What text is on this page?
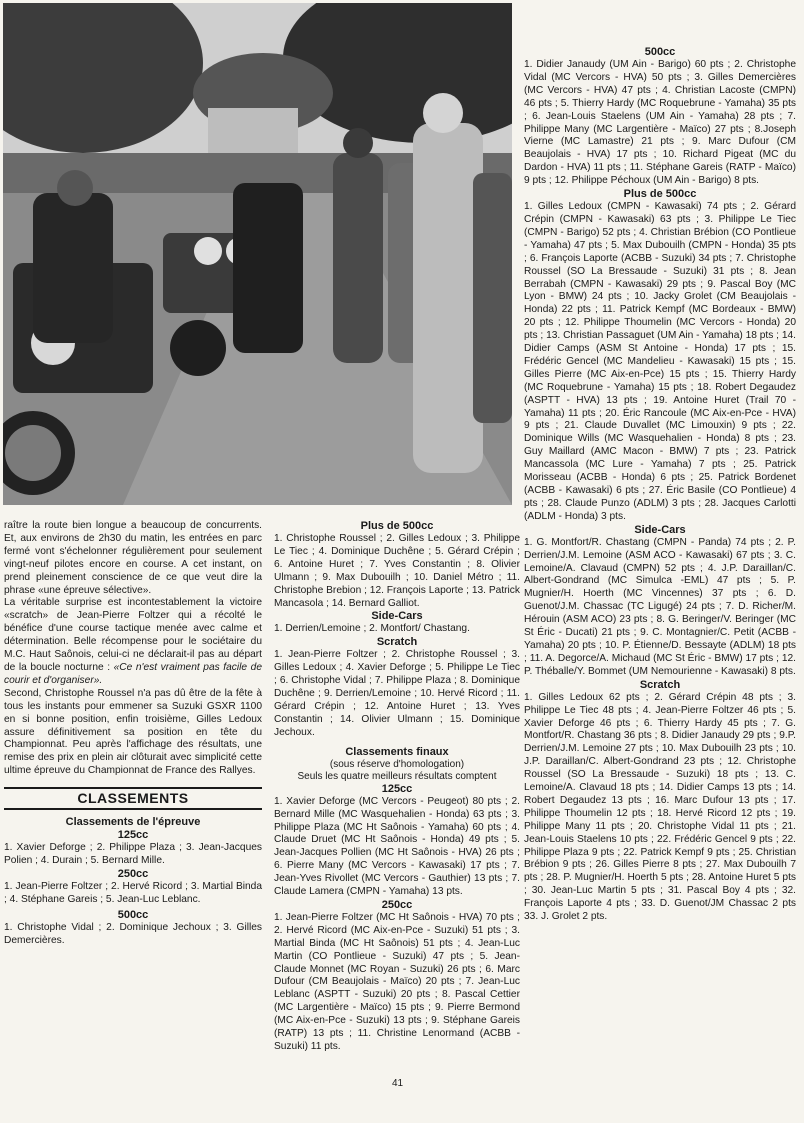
raître la route bien longue a beaucoup de concurrents. Et, aux environs de 2h30 du matin, les entrées en parc fermé vont s'échelonner régulièrement pour seulement vingt-neuf pilotes encore en course. A cet instant, on prend pleinement conscience de ce que veut dire la phrase «une épreuve sélective».

La véritable surprise est incontestablement la victoire «scratch» de Jean-Pierre Foltzer qui a récolté le bénéfice d'une course tactique menée avec calme et détermination. Belle récompense pour le sociétaire du M.C. Haut Saônois, celui-ci ne déclarait-il pas au départ de la boucle nocturne : «Ce n'est vraiment pas facile de courir et d'organiser».

Second, Christophe Roussel n'a pas dû être de la fête à tous les instants pour emmener sa Suzuki GSXR 1100 en si bonne position, enfin troisième, Gilles Ledoux assure définitivement sa position en tête du Championnat. Peu après l'affichage des résultats, une remise des prix en plein air clôturait avec simplicité cette ultime épreuve du Championnat de France des Rallyes.

CLASSEMENTS

Classements de l'épreuve

125cc

1. Xavier Deforge ; 2. Philippe Plaza ; 3. Jean-Jacques Polien ; 4. Durain ; 5. Bernard Mille.

250cc

1. Jean-Pierre Foltzer ; 2. Hervé Ricord ; 3. Martial Binda ; 4. Stéphane Gareis ; 5. Jean-Luc Leblanc.

500cc

1. Christophe Vidal ; 2. Dominique Jechoux ; 3. Gilles Demercières.

Plus de 500cc

1. Christophe Roussel ; 2. Gilles Ledoux ; 3. Philippe Le Tiec ; 4. Dominique Duchêne ; 5. Gérard Crépin ; 6. Antoine Huret ; 7. Yves Constantin ; 8. Olivier Ulmann ; 9. Max Dubouilh ; 10. Daniel Métro ; 11. Christophe Brebion ; 12. François Laporte ; 13. Patrick Mancasola ; 14. Bernard Galliot.

Side-Cars

1. Derrien/Lemoine ; 2. Montfort/ Chastang.

Scratch

1. Jean-Pierre Foltzer ; 2. Christophe Roussel ; 3. Gilles Ledoux ; 4. Xavier Deforge ; 5. Philippe Le Tiec ; 6. Christophe Vidal ; 7. Philippe Plaza ; 8. Dominique Duchêne ; 9. Derrien/Lemoine ; 10. Hervé Ricord ; 11. Gérard Crépin ; 12. Antoine Huret ; 13. Yves Constantin ; 14. Olivier Ulmann ; 15. Dominique Jechoux.

Classements finaux

(sous réserve d'homologation)

Seuls les quatre meilleurs résultats comptent

125cc

1. Xavier Deforge (MC Vercors - Peugeot) 80 pts ; 2. Bernard Mille (MC Wasquehalien - Honda) 63 pts ; 3. Philippe Plaza (MC Ht Saônois - Yamaha) 60 pts ; 4. Claude Druet (MC Ht Saônois - Honda) 49 pts ; 5. Jean-Jacques Pollien (MC Ht Saônois - HVA) 26 pts ; 6. Pierre Many (MC Vercors - Kawasaki) 17 pts ; 7. Jean-Yves Rivollet (MC Vercors - Gauthier) 13 pts ; 7. Claude Lamera (CMPN - Yamaha) 13 pts.

250cc

1. Jean-Pierre Foltzer (MC Ht Saônois - HVA) 70 pts ; 2. Hervé Ricord (MC Aix-en-Pce - Suzuki) 51 pts ; 3. Martial Binda (MC Ht Saônois) 51 pts ; 4. Jean-Luc Martin (CO Pontlieue - Suzuki) 47 pts ; 5. Jean-Claude Monnet (MC Royan - Suzuki) 26 pts ; 6. Marc Dufour (CM Beaujolais - Maïco) 20 pts ; 7. Jean-Luc Leblanc (ASPTT - Suzuki) 20 pts ; 8. Pascal Cettier (MC Largentière - Maïco) 15 pts ; 9. Pierre Bermond (MC Aix-en-Pce - Suzuki) 13 pts ; 9. Stéphane Gareis (RATP) 13 pts ; 11. Christine Lenormand (ACBB - Suzuki) 11 pts.

500cc

1. Didier Janaudy (UM Ain - Barigo) 60 pts ; 2. Christophe Vidal (MC Vercors - HVA) 50 pts ; 3. Gilles Demercières (MC Vercors - HVA) 47 pts ; 4. Christian Lacoste (CMPN) 46 pts ; 5. Thierry Hardy (MC Roquebrune - Yamaha) 35 pts ; 6. Jean-Louis Staelens (UM Ain - Yamaha) 28 pts ; 7. Philippe Many (MC Largentière - Maïco) 27 pts ; 8.Joseph Vierne (MC Lamastre) 21 pts ; 9. Marc Dufour (CM Beaujolais - HVA) 17 pts ; 10. Richard Pigeat (MC du Dardon - HVA) 11 pts ; 11. Stéphane Gareis (RATP - Maïco) 9 pts ; 12. Philippe Péchoux (UM Ain - Barigo) 8 pts.

Plus de 500cc

1. Gilles Ledoux (CMPN - Kawasaki) 74 pts ; 2. Gérard Crépin (CMPN - Kawasaki) 63 pts ; 3. Philippe Le Tiec (CMPN - Barigo) 52 pts ; 4. Christian Brébion (CO Pontlieue - Yamaha) 47 pts ; 5. Max Dubouilh (CMPN - Honda) 35 pts ; 6. François Laporte (ACBB - Suzuki) 34 pts ; 7. Christophe Roussel (SO La Bressaude - Suzuki) 31 pts ; 8. Jean Berrabah (CMPN - Kawasaki) 29 pts ; 9. Pascal Boy (MC Lyon - BMW) 24 pts ; 10. Jacky Grolet (CM Beaujolais - Honda) 22 pts ; 11. Patrick Kempf (MC Bordeaux - BMW) 20 pts ; 12. Philippe Thoumelin (MC Vercors - Honda) 20 pts ; 13. Christian Passaguet (UM Ain - Yamaha) 18 pts ; 14. Didier Camps (ASM St Antoine - Honda) 17 pts ; 15. Frédéric Gencel (MC Mandelieu - Kawasaki) 15 pts ; 15. Gilles Pierre (MC Aix-en-Pce) 15 pts ; 15. Thierry Hardy (MC Roquebrune - Yamaha) 15 pts ; 18. Robert Degaudez (ASPTT - HVA) 13 pts ; 19. Antoine Huret (Trail 70 - Yamaha) 11 pts ; 20. Éric Rancoule (MC Aix-en-Pce - HVA) 9 pts ; 21. Claude Duvallet (MC Limouxin) 9 pts ; 22. Dominique Wills (MC Wasquehalien - Honda) 8 pts ; 23. Guy Maillard (AMC Macon - BMW) 7 pts ; 23. Patrick Mancassola (MC Lure - Yamaha) 7 pts ; 25. Patrick Morisseau (ACBB - Honda) 6 pts ; 25. Patrick Bordenet (ACBB - Kawasaki) 6 pts ; 27. Éric Basile (CO Pontlieue) 4 pts ; 28. Claude Punzo (ADLM) 3 pts ; 28. Jacques Carlotti (ADLM - Honda) 3 pts.

Side-Cars

1. G. Montfort/R. Chastang (CMPN - Panda) 74 pts ; 2. P. Derrien/J.M. Lemoine (ASM ACO - Kawasaki) 67 pts ; 3. C. Lemoine/A. Clavaud (CMPN) 52 pts ; 4. J.P. Daraillan/C. Albert-Gondrand (MC Simulca -EML) 47 pts ; 5. P. Mugnier/H. Hoerth (MC Vincennes) 37 pts ; 6. D. Guenot/J.M. Chassac (TC Ligugé) 24 pts ; 7. D. Richer/M. Hérouin (ASM ACO) 23 pts ; 8. G. Beringer/V. Beringer (MC St Éric - Ducati) 21 pts ; 9. C. Montagnier/C. Petit (ACBB - Yamaha) 20 pts ; 10. P. Étienne/D. Bessayte (ADLM) 18 pts ; 11. A. Degorce/A. Michaud (MC St Éric - BMW) 17 pts ; 12. P. Théballe/Y. Bommet (UM Nemourienne - Kawasaki) 8 pts.

Scratch

1. Gilles Ledoux 62 pts ; 2. Gérard Crépin 48 pts ; 3. Philippe Le Tiec 48 pts ; 4. Jean-Pierre Foltzer 46 pts ; 5. Xavier Deforge 46 pts ; 6. Thierry Hardy 45 pts ; 7. G. Montfort/R. Chastang 36 pts ; 8. Didier Janaudy 29 pts ; 9.P. Derrien/J.M. Lemoine 27 pts ; 10. Max Dubouilh 23 pts ; 10. J.P. Daraillan/C. Albert-Gondrand 23 pts ; 12. Christophe Roussel (SO La Bressaude - Suzuki) 18 pts ; 13. C. Lemoine/A. Clavaud 18 pts ; 14. Didier Camps 13 pts ; 14. Robert Degaudez 13 pts ; 16. Marc Dufour 13 pts ; 17. Philippe Thoumelin 12 pts ; 18. Hervé Ricord 12 pts ; 19. Philippe Many 11 pts ; 20. Christophe Vidal 11 pts ; 21. Jean-Louis Staelens 10 pts ; 22. Frédéric Gencel 9 pts ; 22. Philippe Plaza 9 pts ; 22. Patrick Kempf 9 pts ; 25. Christian Brébion 9 pts ; 26. Gilles Pierre 8 pts ; 27. Max Dubouilh 7 pts ; 28. P. Mugnier/H. Hoerth 5 pts ; 28. Antoine Huret 5 pts ; 30. Jean-Luc Martin 5 pts ; 31. Pascal Boy 4 pts ; 32. François Laporte 4 pts ; 33. D. Guenot/JM Chassac 2 pts 33. J. Grolet 2 pts.

41
